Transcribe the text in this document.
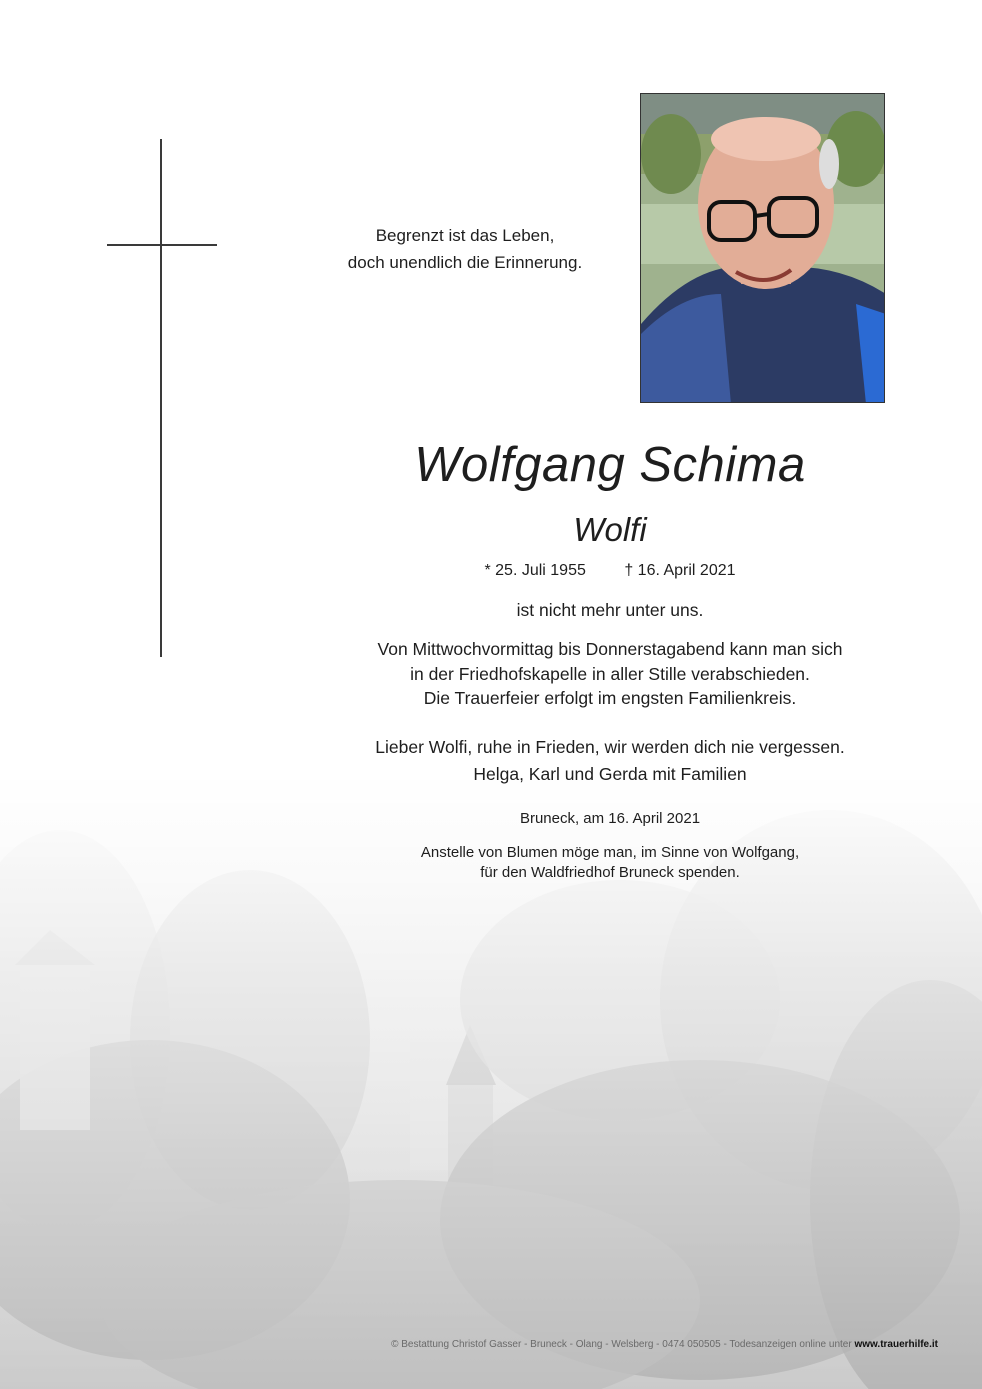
Begrenzt ist das Leben,
doch unendlich die Erinnerung.
Wolfgang Schima
Wolfi
* 25. Juli 1955 † 16. April 2021
ist nicht mehr unter uns.
Von Mittwochvormittag bis Donnerstagabend kann man sich
in der Friedhofskapelle in aller Stille verabschieden.
Die Trauerfeier erfolgt im engsten Familienkreis.
Lieber Wolfi, ruhe in Frieden, wir werden dich nie vergessen.
Helga, Karl und Gerda mit Familien
Bruneck, am 16. April 2021
Anstelle von Blumen möge man, im Sinne von Wolfgang,
für den Waldfriedhof Bruneck spenden.
© Bestattung Christof Gasser - Bruneck - Olang - Welsberg - 0474 050505 - Todesanzeigen online unter www.trauerhilfe.it
